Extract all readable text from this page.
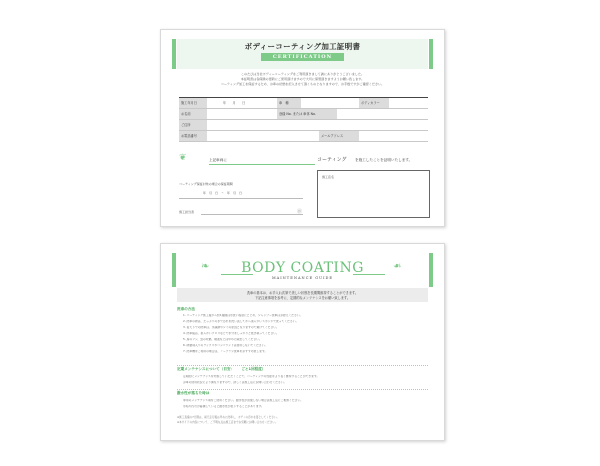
ボディーコーティング加工証明書
CERTIFICATION
このたびは当社ボディーコーティングをご利用頂きまして誠にありがとうございました。
本証明書は各保険の更新にご使用頂けますので大切に保管頂きますようお願い致します。
コーティング加工を保証するため、お車の状態を記入させて頂くものとなりますので、お手数ですがご確認ください。
施工年月日	年　　月　　日	車　種	ボディカラー
お名前	登録 No. または 車体 No.
ご住所
お電話番号	メールアドレス
❦	上記車両に	コーティング を施工したことを証明いたします。
コーティング保証対象の場合の保証期間
年　月　日　〜　年　月　日
施工担当者	㊞
施工店名
❧	❧
BODY COATING
MAINTENANCE GUIDE
洗車の基本は、お手入れ次第で美しい状態を長期間維持することができます。
下記注意事項を参考に、定期的なメンテナンスをお願い致します。
洗車の方法
1. コーティング施工後から約1週間は水洗い程度にとどめ、シャンプー洗車はお控えください。
2. 洗車の際は、たっぷりの水で汚れを洗い流してから柔らかいスポンジで洗ってください。
3. 炎天下での洗車は、水滴跡やシミの原因となりますので避けてください。
4. 洗車後は、柔らかいクロスなどで水分をしっかりと拭き取ってください。
5. 鳥のフン、虫の死骸、樹液などは早めに除去してください。
6. 研磨剤入りのワックスやコンパウンドは使用しないでください。
7. 洗車機をご利用の場合は、ノーブラシ洗車をおすすめ致します。
定期メンテナンスについて（目安：　　ごと1回程度）
定期的にメンテナンスを実施していただくことで、コーティングの性能をより長く維持することができます。
お車の使用状況により異なりますので、詳しくは施工店にお問い合わせください。
撥水性が落ちた時は
専用のメンテナンス剤をご使用ください。撥水性が回復しない場合は施工店にご相談ください。
水垢や汚れが蓄積していると撥水性が低下することがあります。
※施工直後の7日間は、雨天走行後は早めに洗車し、ボディの汚れを落としてください。
※本ガイドの内容について、ご不明な点は施工店までお気軽にお問い合わせください。
